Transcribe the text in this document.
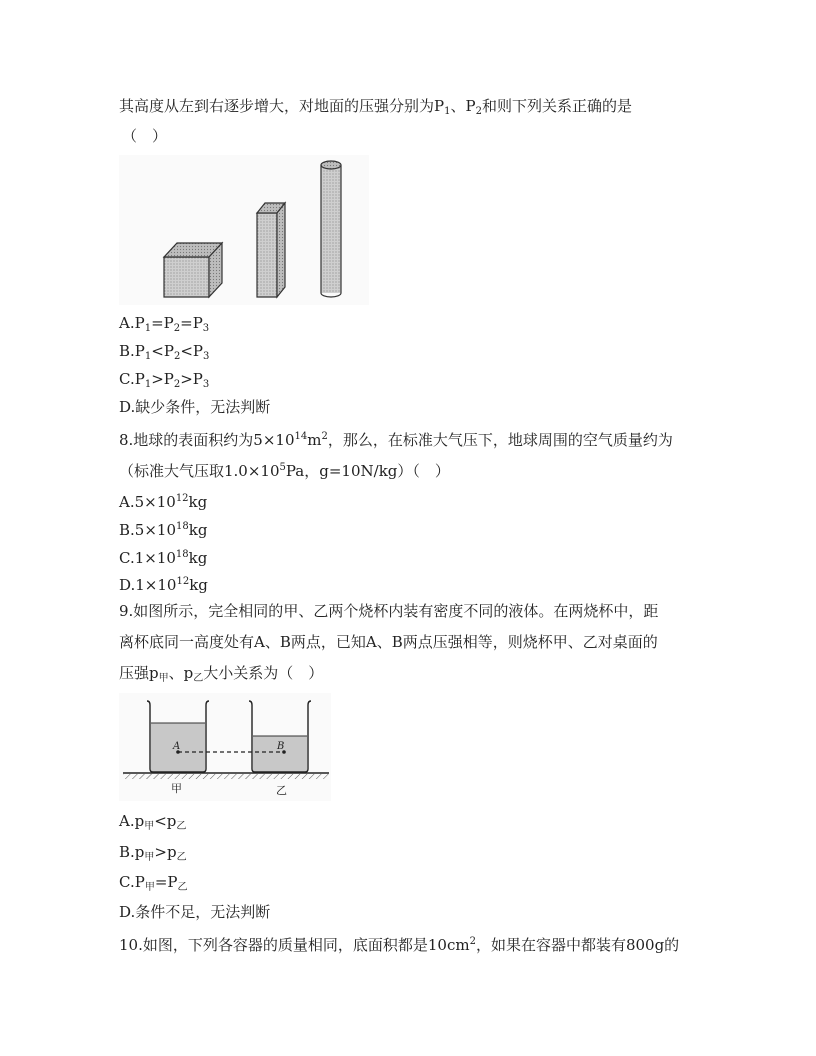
其高度从左到右逐步增大，对地面的压强分别为$P_1$、$P_2$和则下列关系正确的是
（　）
$A.P_1=P_2=P_3$
$B.P_1<P_2<P_3$
$C.P_1>P_2>P_3$
D.缺少条件，无法判断
8.地球的表面积约为$5\times 10^{14}m^2$，那么，在标准大气压下，地球周围的空气质量约为
（标准大气压取$1.0\times 10^5Pa$，g=10N/kg）（　）
$A.5\times 10^{12}kg$
$B.5\times 10^{18}kg$
$C.1\times 10^{18}kg$
$D.1\times 10^{12}kg$
9.如图所示，完全相同的甲、乙两个烧杯内装有密度不同的液体。在两烧杯中，距
离杯底同一高度处有A、B两点，已知A、B两点压强相等，则烧杯甲、乙对桌面的
压强$p_甲$、$p_乙$大小关系为（　）
A	B
甲	乙
$A.p_甲<p_乙$
$B.p_甲>p_乙$
$C.P_甲=P_乙$
D.条件不足，无法判断
10.如图，下列各容器的质量相同，底面积都是$10cm^2$，如果在容器中都装有800g的
